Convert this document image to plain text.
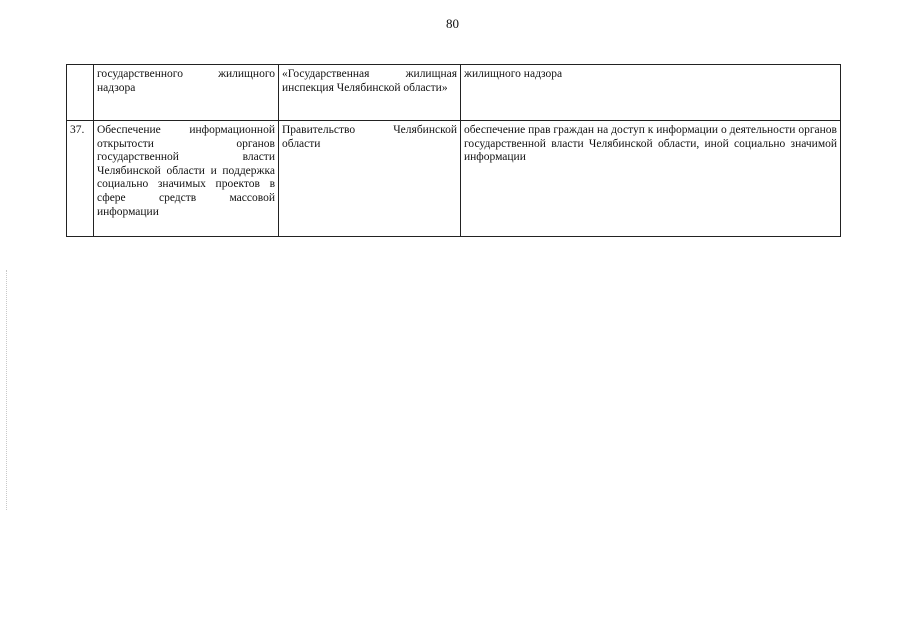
80
	государственного жилищного надзора	«Государственная жилищная инспекция Челябинской области»	жилищного надзора
37.	Обеспечение информационной открытости органов государственной власти Челябинской области и поддержка социально значимых проектов в сфере средств массовой информации	Правительство Челябинской области	обеспечение прав граждан на доступ к информации о деятельности органов государственной власти Челябинской области, иной социально значимой информации
